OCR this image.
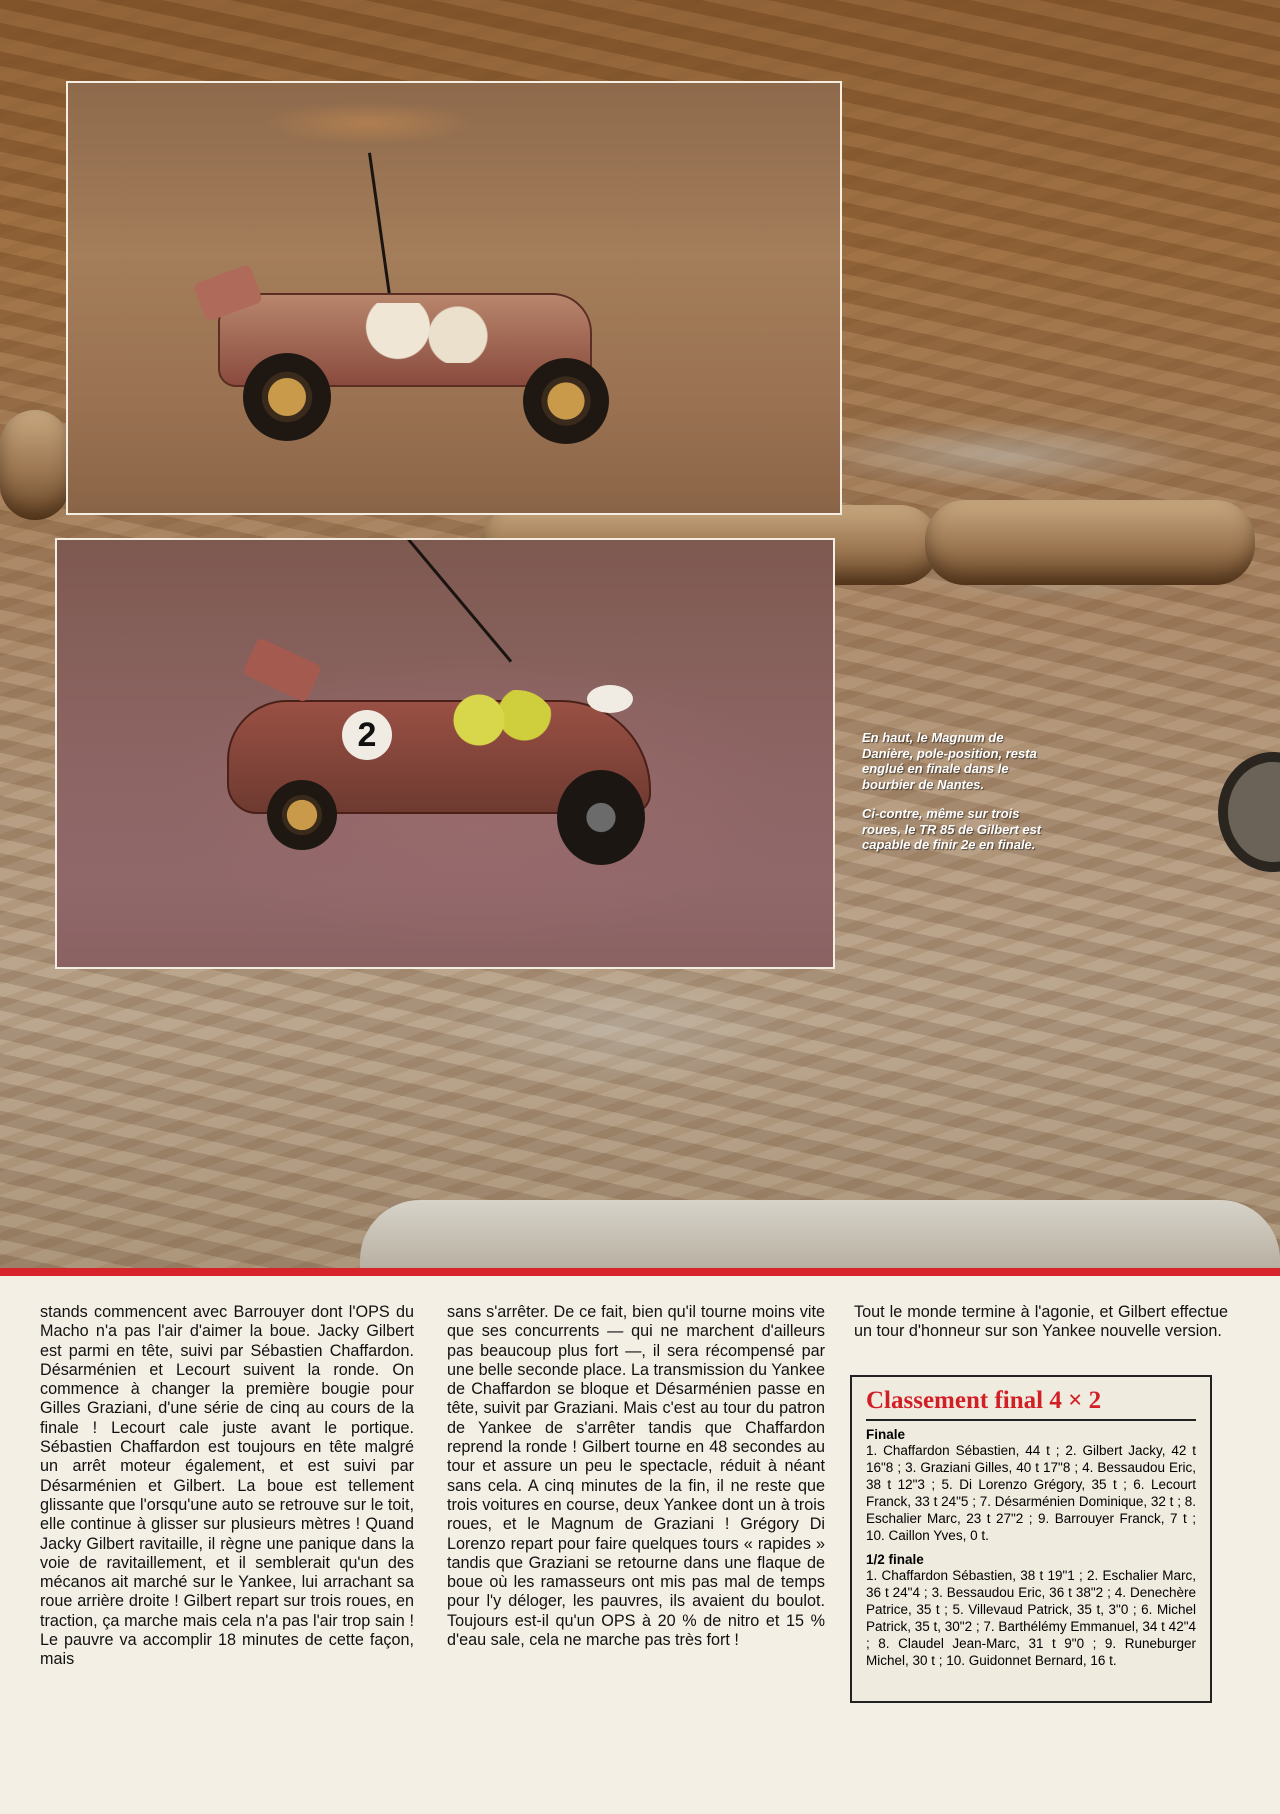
2	En haut, le Magnum de Danière, pole-position, resta englué en finale dans le bourbier de Nantes.

Ci-contre, même sur trois roues, le TR 85 de Gilbert est capable de finir 2e en finale.

stands commencent avec Barrouyer dont l'OPS du Macho n'a pas l'air d'aimer la boue. Jacky Gilbert est parmi en tête, suivi par Sébastien Chaffardon. Désarménien et Lecourt suivent la ronde. On commence à changer la première bougie pour Gilles Graziani, d'une série de cinq au cours de la finale ! Lecourt cale juste avant le portique. Sébastien Chaffardon est toujours en tête malgré un arrêt moteur également, et est suivi par Désarménien et Gilbert. La boue est tellement glissante que l'orsqu'une auto se retrouve sur le toit, elle continue à glisser sur plusieurs mètres ! Quand Jacky Gilbert ravitaille, il règne une panique dans la voie de ravitaillement, et il semblerait qu'un des mécanos ait marché sur le Yankee, lui arrachant sa roue arrière droite ! Gilbert repart sur trois roues, en traction, ça marche mais cela n'a pas l'air trop sain ! Le pauvre va accomplir 18 minutes de cette façon, mais

sans s'arrêter. De ce fait, bien qu'il tourne moins vite que ses concurrents — qui ne marchent d'ailleurs pas beaucoup plus fort —, il sera récompensé par une belle seconde place. La transmission du Yankee de Chaffardon se bloque et Désarménien passe en tête, suivit par Graziani. Mais c'est au tour du patron de Yankee de s'arrêter tandis que Chaffardon reprend la ronde ! Gilbert tourne en 48 secondes au tour et assure un peu le spectacle, réduit à néant sans cela. A cinq minutes de la fin, il ne reste que trois voitures en course, deux Yankee dont un à trois roues, et le Magnum de Graziani ! Grégory Di Lorenzo repart pour faire quelques tours « rapides » tandis que Graziani se retourne dans une flaque de boue où les ramasseurs ont mis pas mal de temps pour l'y déloger, les pauvres, ils avaient du boulot. Toujours est-il qu'un OPS à 20 % de nitro et 15 % d'eau sale, cela ne marche pas très fort !

Tout le monde termine à l'agonie, et Gilbert effectue un tour d'honneur sur son Yankee nouvelle version.

Classement final 4 × 2
Finale
1. Chaffardon Sébastien, 44 t ; 2. Gilbert Jacky, 42 t 16"8 ; 3. Graziani Gilles, 40 t 17"8 ; 4. Bessaudou Eric, 38 t 12"3 ; 5. Di Lorenzo Grégory, 35 t ; 6. Lecourt Franck, 33 t 24"5 ; 7. Désarménien Dominique, 32 t ; 8. Eschalier Marc, 23 t 27"2 ; 9. Barrouyer Franck, 7 t ; 10. Caillon Yves, 0 t.
1/2 finale
1. Chaffardon Sébastien, 38 t 19"1 ; 2. Eschalier Marc, 36 t 24"4 ; 3. Bessaudou Eric, 36 t 38"2 ; 4. Denechère Patrice, 35 t ; 5. Villevaud Patrick, 35 t, 3"0 ; 6. Michel Patrick, 35 t, 30"2 ; 7. Barthélémy Emmanuel, 34 t 42"4 ; 8. Claudel Jean-Marc, 31 t 9"0 ; 9. Runeburger Michel, 30 t ; 10. Guidonnet Bernard, 16 t.
